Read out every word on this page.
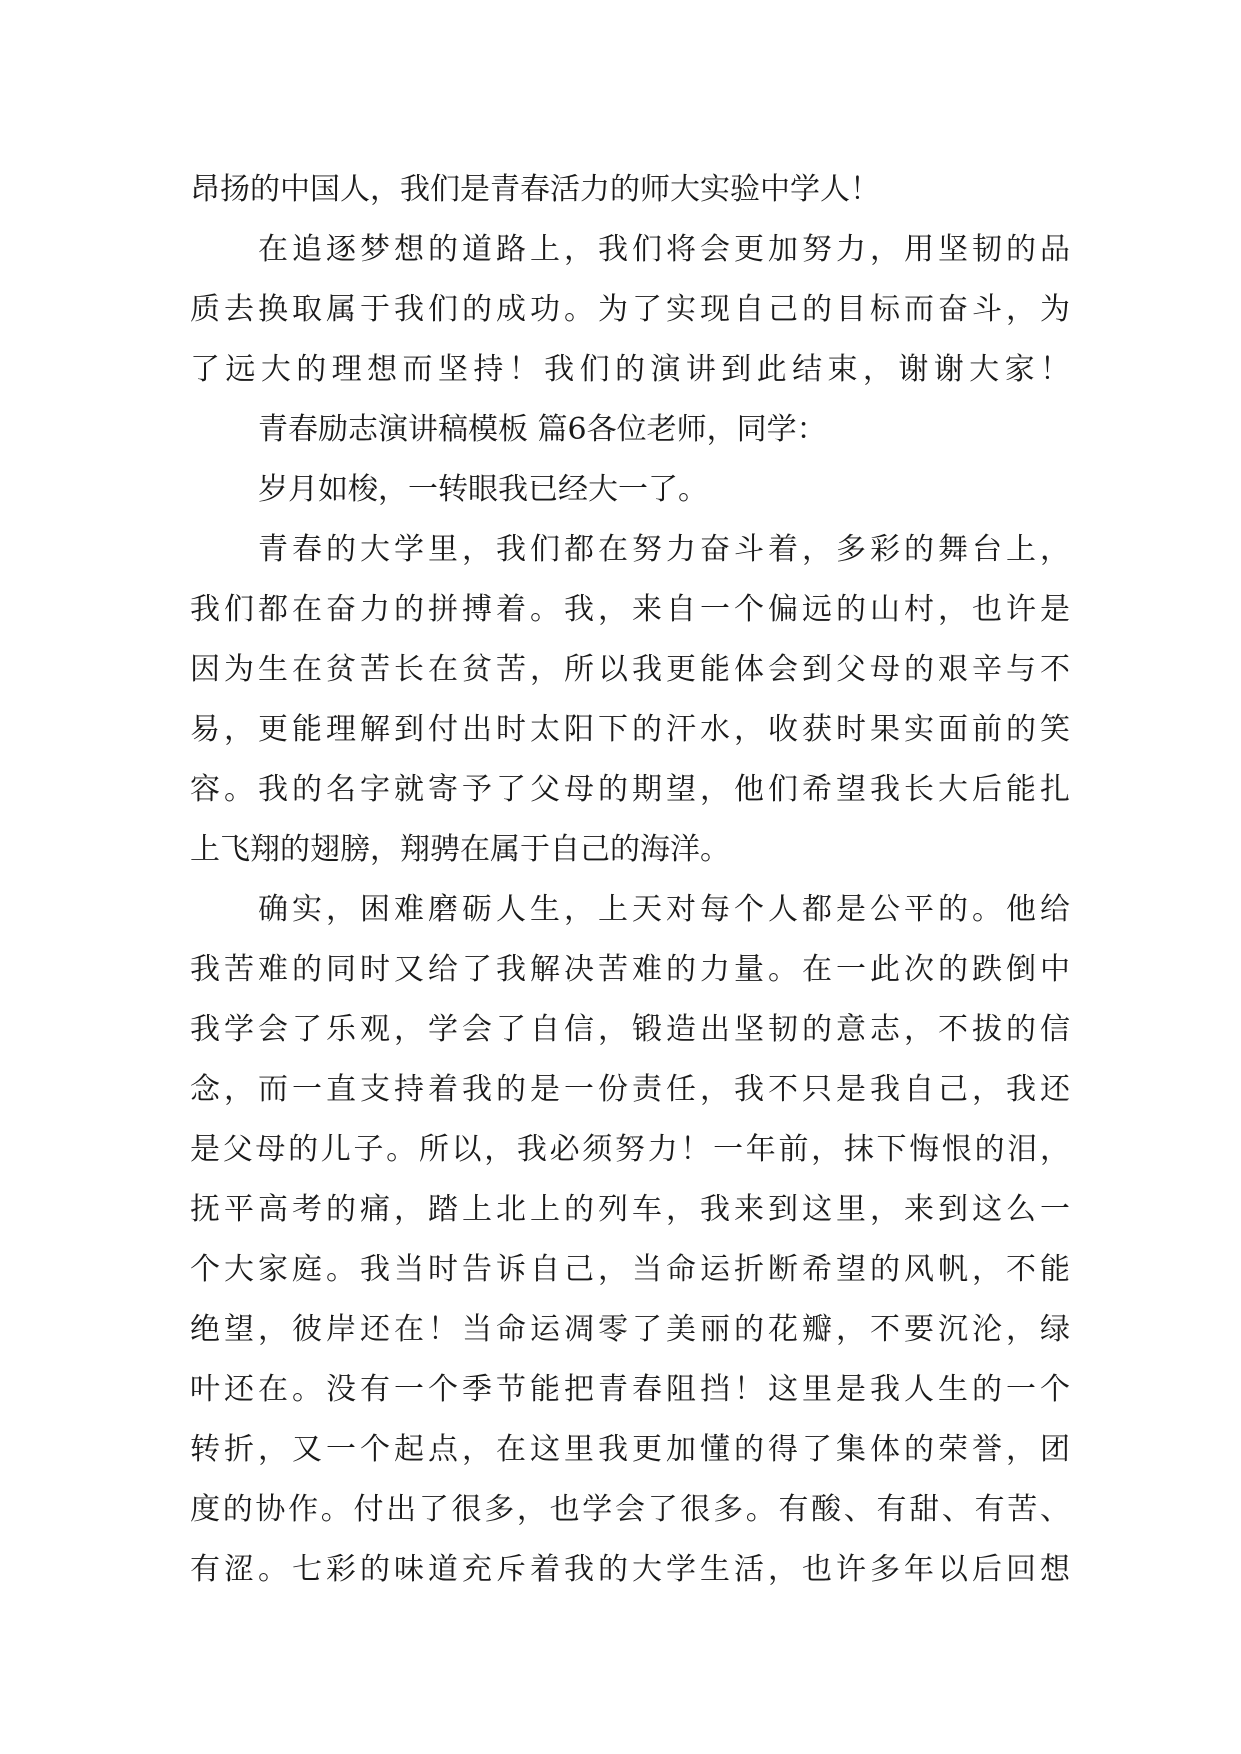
昂扬的中国人，我们是青春活力的师大实验中学人！
在追逐梦想的道路上，我们将会更加努力，用坚韧的品
质去换取属于我们的成功。为了实现自己的目标而奋斗，为
了远大的理想而坚持！我们的演讲到此结束，谢谢大家！
青春励志演讲稿模板 篇6各位老师，同学：
岁月如梭，一转眼我已经大一了。
青春的大学里，我们都在努力奋斗着，多彩的舞台上，
我们都在奋力的拼搏着。我，来自一个偏远的山村，也许是
因为生在贫苦长在贫苦，所以我更能体会到父母的艰辛与不
易，更能理解到付出时太阳下的汗水，收获时果实面前的笑
容。我的名字就寄予了父母的期望，他们希望我长大后能扎
上飞翔的翅膀，翔骋在属于自己的海洋。
确实，困难磨砺人生，上天对每个人都是公平的。他给
我苦难的同时又给了我解决苦难的力量。在一此次的跌倒中
我学会了乐观，学会了自信，锻造出坚韧的意志，不拔的信
念，而一直支持着我的是一份责任，我不只是我自己，我还
是父母的儿子。所以，我必须努力！一年前，抹下悔恨的泪，
抚平高考的痛，踏上北上的列车，我来到这里，来到这么一
个大家庭。我当时告诉自己，当命运折断希望的风帆，不能
绝望，彼岸还在！当命运凋零了美丽的花瓣，不要沉沦，绿
叶还在。没有一个季节能把青春阻挡！这里是我人生的一个
转折，又一个起点，在这里我更加懂的得了集体的荣誉，团
度的协作。付出了很多，也学会了很多。有酸、有甜、有苦、
有涩。七彩的味道充斥着我的大学生活，也许多年以后回想
